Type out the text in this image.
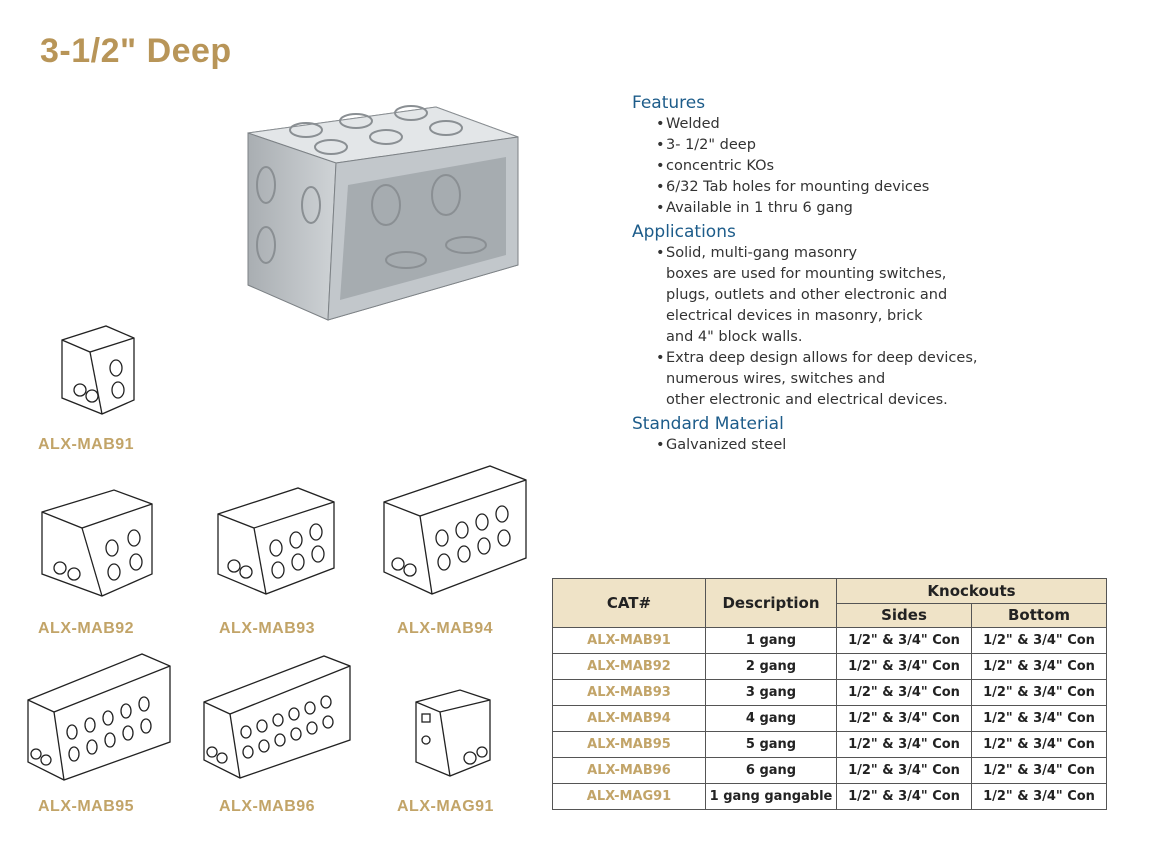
3-1/2" Deep
ALX-MAB91
ALX-MAB92	ALX-MAB93	ALX-MAB94
ALX-MAB95	ALX-MAB96	ALX-MAG91
Features
• Welded
• 3- 1/2" deep
• concentric KOs
• 6/32 Tab holes for mounting devices
• Available in 1 thru 6 gang
Applications
• Solid, multi-gang masonry
boxes are used for mounting switches,
plugs, outlets and other electronic and
electrical devices in masonry, brick
and 4" block walls.
• Extra deep design allows for deep devices,
numerous wires, switches and
other electronic and electrical devices.
Standard Material
• Galvanized steel
CAT#	Description	Knockouts	
		Sides	Bottom
ALX-MAB91	1 gang	1/2" & 3/4" Con	1/2" & 3/4" Con
ALX-MAB92	2 gang	1/2" & 3/4" Con	1/2" & 3/4" Con
ALX-MAB93	3 gang	1/2" & 3/4" Con	1/2" & 3/4" Con
ALX-MAB94	4 gang	1/2" & 3/4" Con	1/2" & 3/4" Con
ALX-MAB95	5 gang	1/2" & 3/4" Con	1/2" & 3/4" Con
ALX-MAB96	6 gang	1/2" & 3/4" Con	1/2" & 3/4" Con
ALX-MAG91	1 gang gangable	1/2" & 3/4" Con	1/2" & 3/4" Con
